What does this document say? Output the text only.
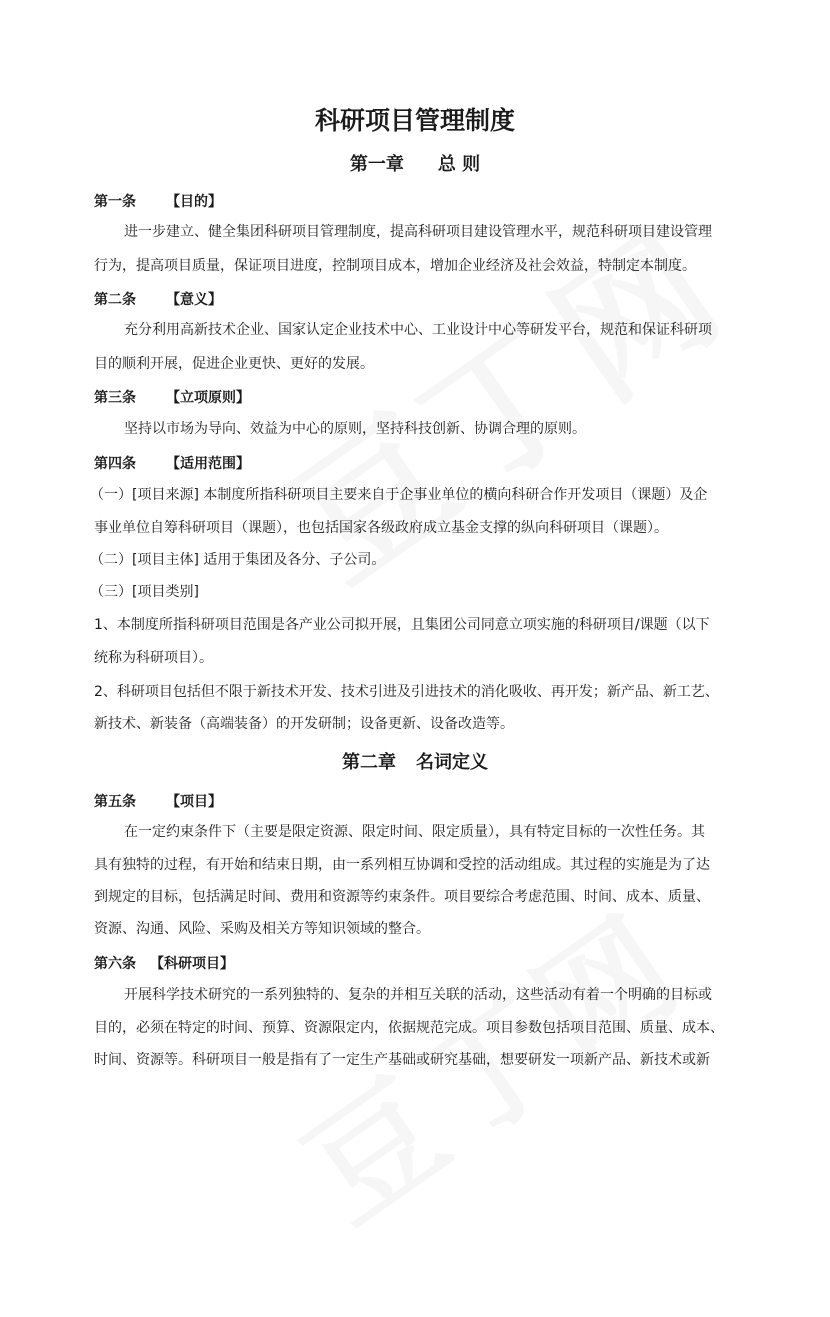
科研项目管理制度
第一章 总 则
第一条 【目的】
进一步建立、健全集团科研项目管理制度，提高科研项目建设管理水平，规范科研项目建设管理
行为，提高项目质量，保证项目进度，控制项目成本，增加企业经济及社会效益，特制定本制度。
第二条 【意义】
充分利用高新技术企业、国家认定企业技术中心、工业设计中心等研发平台，规范和保证科研项
目的顺利开展，促进企业更快、更好的发展。
第三条 【立项原则】
坚持以市场为导向、效益为中心的原则，坚持科技创新、协调合理的原则。
第四条 【适用范围】
（一）[项目来源] 本制度所指科研项目主要来自于企事业单位的横向科研合作开发项目（课题）及企
事业单位自筹科研项目（课题），也包括国家各级政府成立基金支撑的纵向科研项目（课题）。
（二）[项目主体] 适用于集团及各分、子公司。
（三）[项目类别]
1、本制度所指科研项目范围是各产业公司拟开展，且集团公司同意立项实施的科研项目/课题（以下
统称为科研项目）。
2、科研项目包括但不限于新技术开发、技术引进及引进技术的消化吸收、再开发；新产品、新工艺、
新技术、新装备（高端装备）的开发研制；设备更新、设备改造等。
第二章 名词定义
第五条 【项目】
在一定约束条件下（主要是限定资源、限定时间、限定质量），具有特定目标的一次性任务。其
具有独特的过程，有开始和结束日期，由一系列相互协调和受控的活动组成。其过程的实施是为了达
到规定的目标，包括满足时间、费用和资源等约束条件。项目要综合考虑范围、时间、成本、质量、
资源、沟通、风险、采购及相关方等知识领域的整合。
第六条 【科研项目】
开展科学技术研究的一系列独特的、复杂的并相互关联的活动，这些活动有着一个明确的目标或
目的，必须在特定的时间、预算、资源限定内，依据规范完成。项目参数包括项目范围、质量、成本、
时间、资源等。科研项目一般是指有了一定生产基础或研究基础，想要研发一项新产品、新技术或新
